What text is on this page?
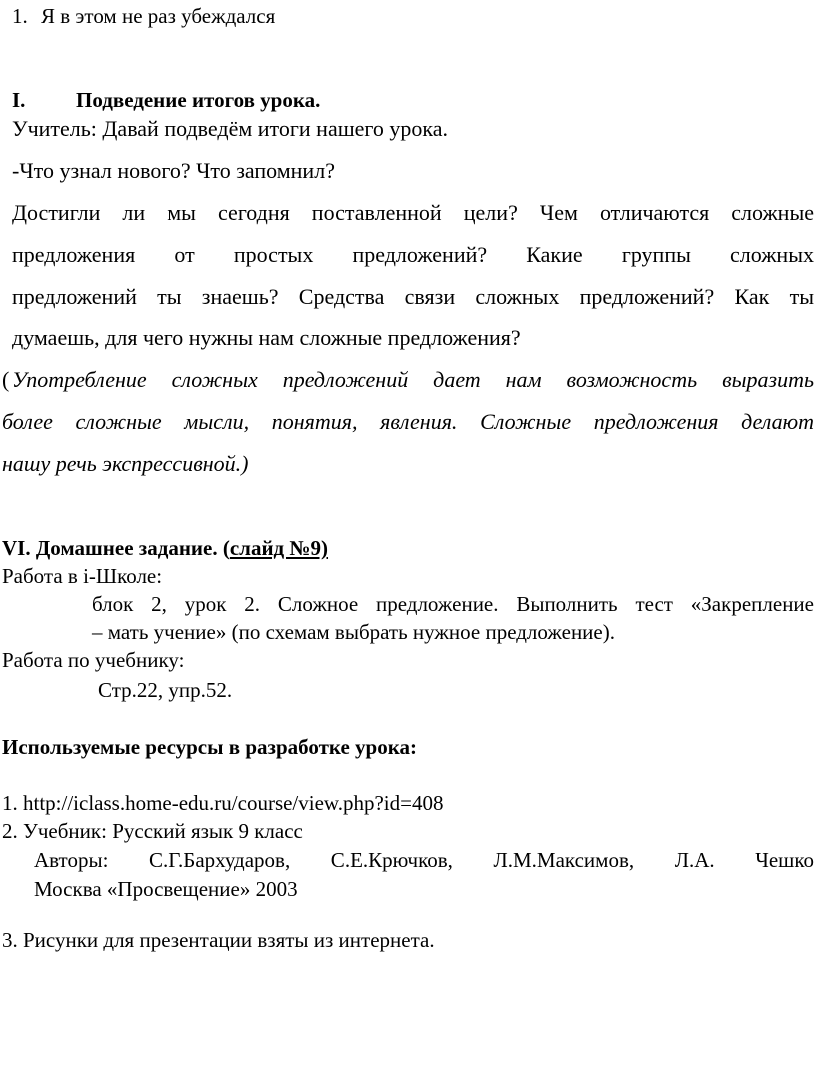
1. Я в этом не раз убеждался
I. Подведение итогов урока.
Учитель: Давай подведём итоги нашего урока.
-Что узнал нового? Что запомнил?
Достигли ли мы сегодня поставленной цели? Чем отличаются сложные
предложения от простых предложений? Какие группы сложных
предложений ты знаешь? Средства связи сложных предложений? Как ты
думаешь, для чего нужны нам сложные предложения?
( Употребление сложных предложений дает нам возможность выразить
более сложные мысли, понятия, явления. Сложные предложения делают
нашу речь экспрессивной.)
VI. Домашнее задание. (слайд №9)
Работа в i-Школе:
блок 2, урок 2. Сложное предложение. Выполнить тест «Закрепление
– мать учение» (по схемам выбрать нужное предложение).
Работа по учебнику:
Стр.22, упр.52.
Используемые ресурсы в разработке урока:
1. http://iclass.home-edu.ru/course/view.php?id=408
2. Учебник: Русский язык 9 класс
Авторы: С.Г.Бархударов, С.Е.Крючков, Л.М.Максимов, Л.А. Чешко
Москва «Просвещение» 2003
3. Рисунки для презентации взяты из интернета.
